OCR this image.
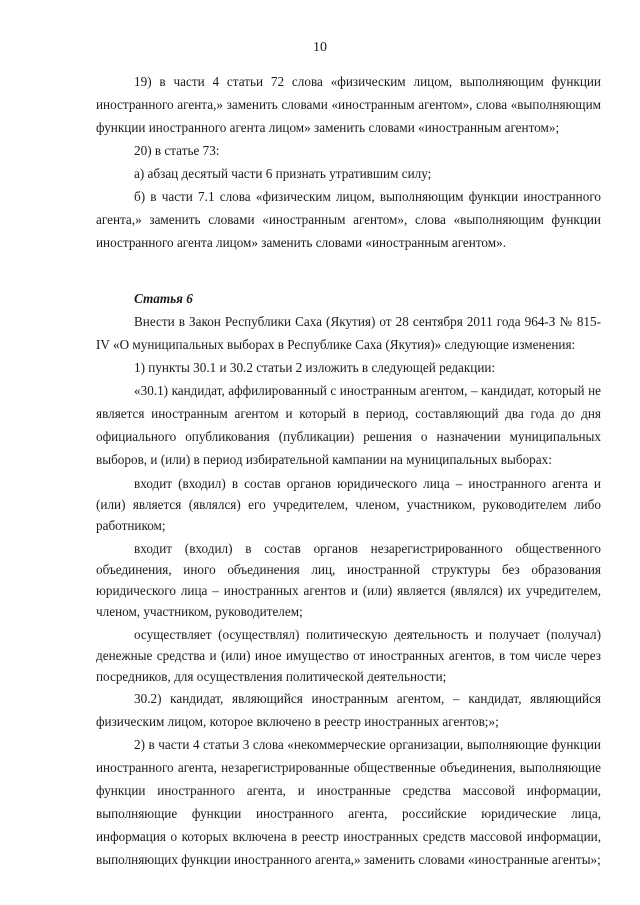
10

19) в части 4 статьи 72 слова «физическим лицом, выполняющим функции иностранного агента,» заменить словами «иностранным агентом», слова «выполняющим функции иностранного агента лицом» заменить словами «иностранным агентом»;

20) в статье 73:

а) абзац десятый части 6 признать утратившим силу;

б) в части 7.1 слова «физическим лицом, выполняющим функции иностранного агента,» заменить словами «иностранным агентом», слова «выполняющим функции иностранного агента лицом» заменить словами «иностранным агентом».

Статья 6

Внести в Закон Республики Саха (Якутия) от 28 сентября 2011 года 964-З № 815-IV «О муниципальных выборах в Республике Саха (Якутия)» следующие изменения:

1) пункты 30.1 и 30.2 статьи 2 изложить в следующей редакции:

«30.1) кандидат, аффилированный с иностранным агентом, – кандидат, который не является иностранным агентом и который в период, составляющий два года до дня официального опубликования (публикации) решения о назначении муниципальных выборов, и (или) в период избирательной кампании на муниципальных выборах:

входит (входил) в состав органов юридического лица – иностранного агента и (или) является (являлся) его учредителем, членом, участником, руководителем либо работником;

входит (входил) в состав органов незарегистрированного общественного объединения, иного объединения лиц, иностранной структуры без образования юридического лица – иностранных агентов и (или) является (являлся) их учредителем, членом, участником, руководителем;

осуществляет (осуществлял) политическую деятельность и получает (получал) денежные средства и (или) иное имущество от иностранных агентов, в том числе через посредников, для осуществления политической деятельности;

30.2) кандидат, являющийся иностранным агентом, – кандидат, являющийся физическим лицом, которое включено в реестр иностранных агентов;»;

2) в части 4 статьи 3 слова «некоммерческие организации, выполняющие функции иностранного агента, незарегистрированные общественные объединения, выполняющие функции иностранного агента, и иностранные средства массовой информации, выполняющие функции иностранного агента, российские юридические лица, информация о которых включена в реестр иностранных средств массовой информации, выполняющих функции иностранного агента,» заменить словами «иностранные агенты»;
